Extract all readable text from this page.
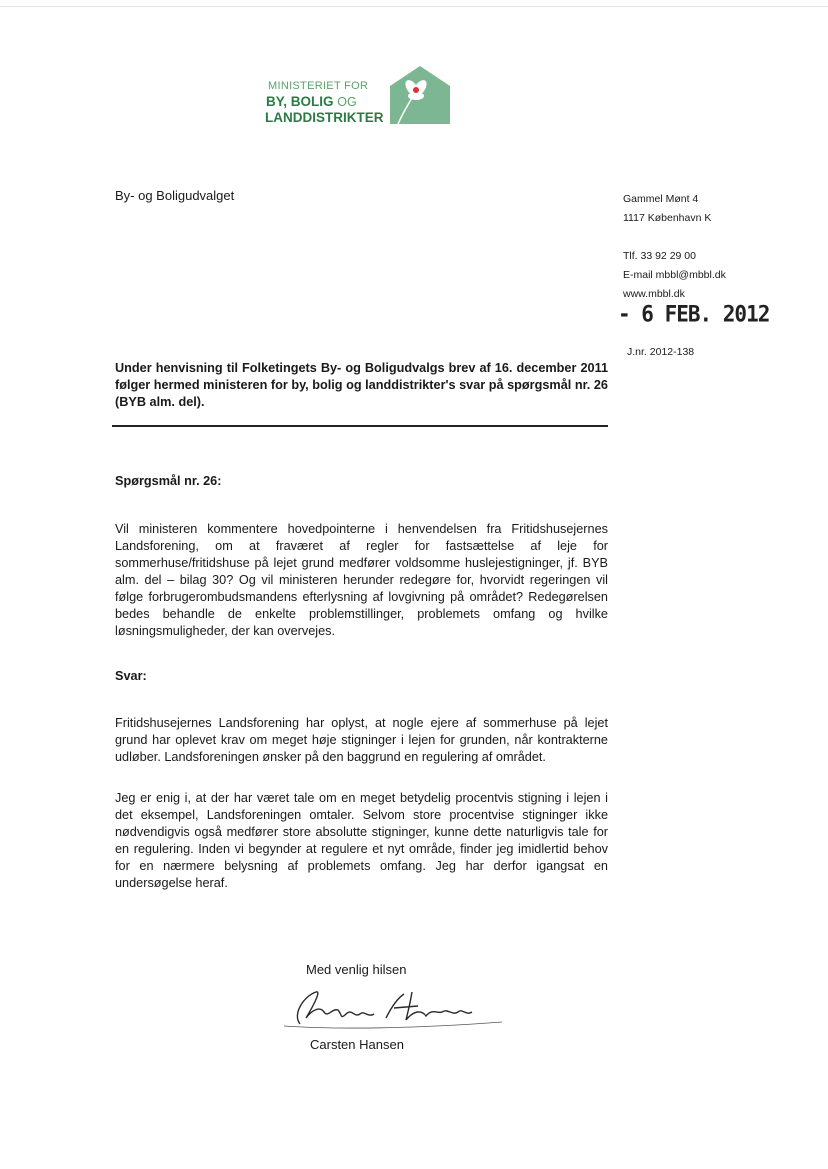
MINISTERIET FOR
BY, BOLIG OG
LANDDISTRIKTER
By- og Boligudvalget	Gammel Mønt 4
1117 København K
Tlf. 33 92 29 00
E-mail mbbl@mbbl.dk
www.mbbl.dk
- 6 FEB. 2012
J.nr. 2012-138
Under henvisning til Folketingets By- og Boligudvalgs brev af 16. december 2011 følger hermed ministeren for by, bolig og landdistrikter's svar på spørgsmål nr. 26 (BYB alm. del).
Spørgsmål nr. 26:
Vil ministeren kommentere hovedpointerne i henvendelsen fra Fritidshusejernes Landsforening, om at fraværet af regler for fastsættelse af leje for sommerhuse/fritidshuse på lejet grund medfører voldsomme huslejestigninger, jf. BYB alm. del – bilag 30? Og vil ministeren herunder redegøre for, hvorvidt regeringen vil følge forbrugerombudsmandens efterlysning af lovgivning på området? Redegørelsen bedes behandle de enkelte problemstillinger, problemets omfang og hvilke løsningsmuligheder, der kan overvejes.
Svar:
Fritidshusejernes Landsforening har oplyst, at nogle ejere af sommerhuse på lejet grund har oplevet krav om meget høje stigninger i lejen for grunden, når kontrakterne udløber. Landsforeningen ønsker på den baggrund en regulering af området.
Jeg er enig i, at der har været tale om en meget betydelig procentvis stigning i lejen i det eksempel, Landsforeningen omtaler. Selvom store procentvise stigninger ikke nødvendigvis også medfører store absolutte stigninger, kunne dette naturligvis tale for en regulering. Inden vi begynder at regulere et nyt område, finder jeg imidlertid behov for en nærmere belysning af problemets omfang. Jeg har derfor igangsat en undersøgelse heraf.
Med venlig hilsen
Carsten Hansen
